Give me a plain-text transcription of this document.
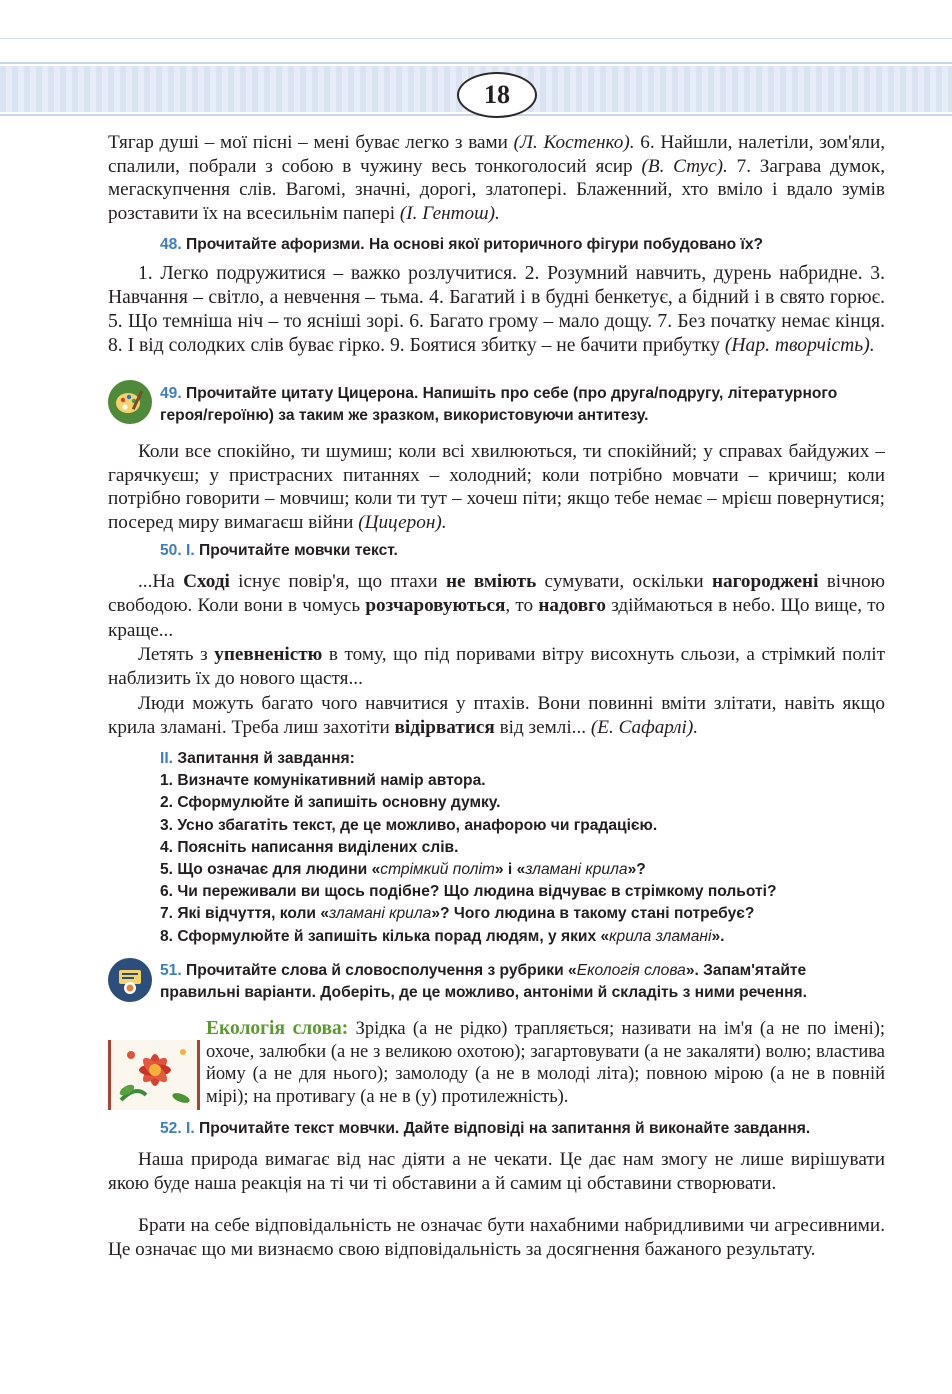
18
Тягар душі – мої пісні – мені буває легко з вами (Л. Костенко). 6. Найшли, налетіли, зом'яли, спалили, побрали з собою в чужину весь тонкоголосий ясир (В. Стус). 7. Заграва думок, мегаскупчення слів. Вагомі, значні, дорогі, златопері. Блаженний, хто вміло і вдало зумів розставити їх на всесильнім папері (І. Гентош).
48. Прочитайте афоризми. На основі якої риторичного фігури побудовано їх?
1. Легко подружитися – важко розлучитися. 2. Розумний навчить, дурень набридне. 3. Навчання – світло, а невчення – тьма. 4. Багатий і в будні бенкетує, а бідний і в свято горює. 5. Що темніша ніч – то ясніші зорі. 6. Багато грому – мало дощу. 7. Без початку немає кінця. 8. І від солодких слів буває гірко. 9. Боятися збитку – не бачити прибутку (Нар. творчість).
49. Прочитайте цитату Цицерона. Напишіть про себе (про друга/подругу, літературного героя/героїню) за таким же зразком, використовуючи антитезу.
Коли все спокійно, ти шумиш; коли всі хвилюються, ти спокійний; у справах байдужих – гарячкуєш; у пристрасних питаннях – холодний; коли потрібно мовчати – кричиш; коли потрібно говорити – мовчиш; коли ти тут – хочеш піти; якщо тебе немає – мрієш повернутися; посеред миру вимагаєш війни (Цицерон).
50. І. Прочитайте мовчки текст.
...На Сході існує повір'я, що птахи не вміють сумувати, оскільки нагороджені вічною свободою. Коли вони в чомусь розчаровуються, то надовго здіймаються в небо. Що вище, то краще...
Летять з упевненістю в тому, що під поривами вітру висохнуть сльози, а стрімкий політ наблизить їх до нового щастя...
Люди можуть багато чого навчитися у птахів. Вони повинні вміти злітати, навіть якщо крила зламані. Треба лиш захотіти відірватися від землі... (Е. Сафарлі).
ІІ. Запитання й завдання:
1. Визначте комунікативний намір автора.
2. Сформулюйте й запишіть основну думку.
3. Усно збагатіть текст, де це можливо, анафорою чи градацією.
4. Поясніть написання виділених слів.
5. Що означає для людини «стрімкий політ» і «зламані крила»?
6. Чи переживали ви щось подібне? Що людина відчуває в стрімкому польоті?
7. Які відчуття, коли «зламані крила»? Чого людина в такому стані потребує?
8. Сформулюйте й запишіть кілька порад людям, у яких «крила зламані».
51. Прочитайте слова й словосполучення з рубрики «Екологія слова». Запам'ятайте правильні варіанти. Доберіть, де це можливо, антоніми й складіть з ними речення.
Екологія слова: Зрідка (а не рідко) трапляється; називати на ім'я (а не по імені); охоче, залюбки (а не з великою охотою); загартовувати (а не закаляти) волю; властива йому (а не для нього); замолоду (а не в молоді літа); повною мірою (а не в повній мірі); на противагу (а не в (у) протилежність).
52. І. Прочитайте текст мовчки. Дайте відповіді на запитання й виконайте завдання.
Наша природа вимагає від нас діяти а не чекати. Це дає нам змогу не лише вирішувати якою буде наша реакція на ті чи ті обставини а й самим ці обставини створювати.
Брати на себе відповідальність не означає бути нахабними набридливими чи агресивними. Це означає що ми визнаємо свою відповідальність за досягнення бажаного результату.
